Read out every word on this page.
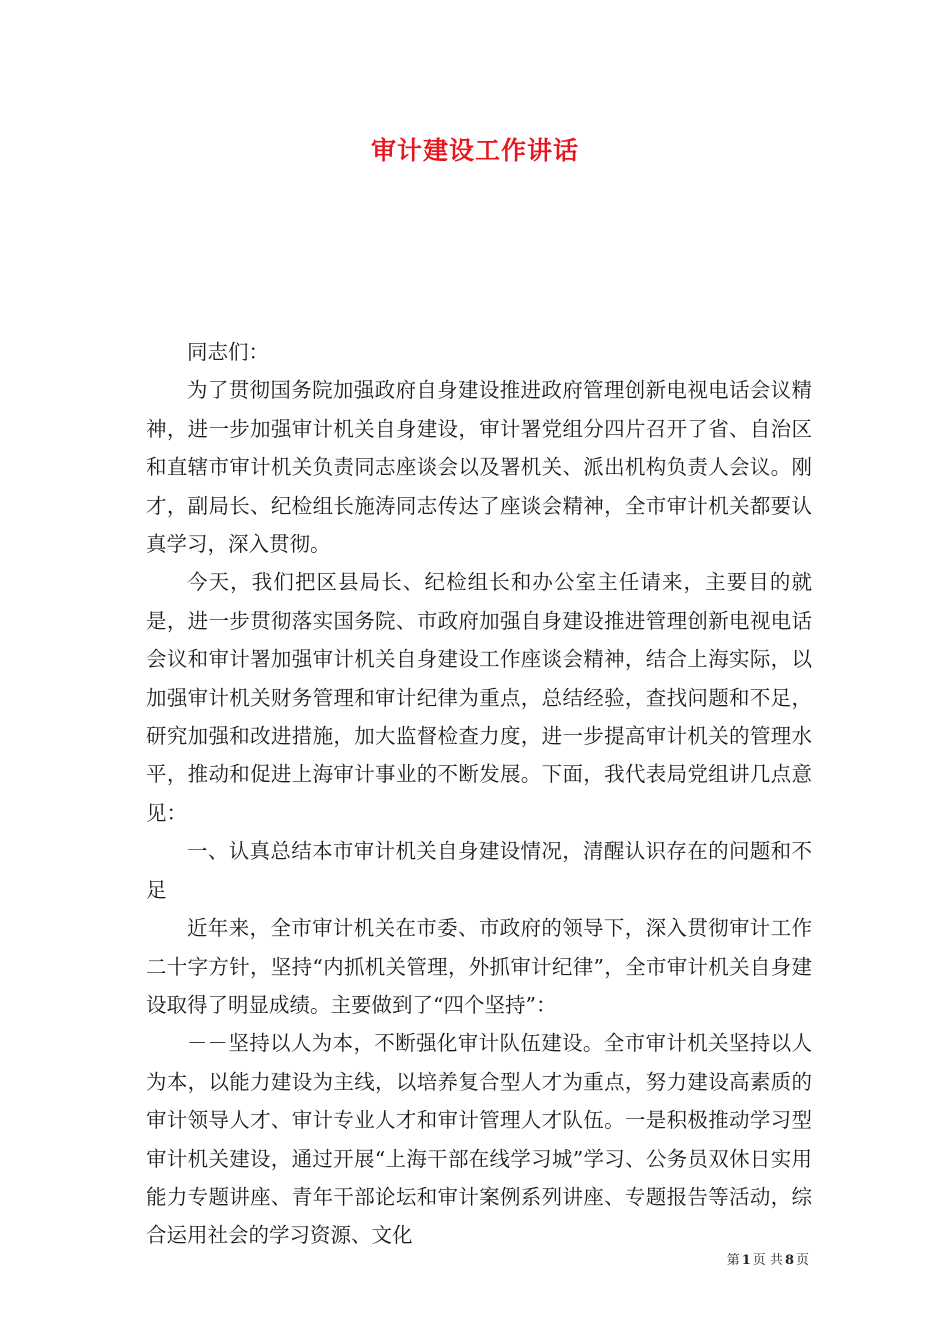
审计建设工作讲话

同志们：

为了贯彻国务院加强政府自身建设推进政府管理创新电视电话会议精神，进一步加强审计机关自身建设，审计署党组分四片召开了省、自治区和直辖市审计机关负责同志座谈会以及署机关、派出机构负责人会议。刚才，副局长、纪检组长施涛同志传达了座谈会精神，全市审计机关都要认真学习，深入贯彻。

今天，我们把区县局长、纪检组长和办公室主任请来，主要目的就是，进一步贯彻落实国务院、市政府加强自身建设推进管理创新电视电话会议和审计署加强审计机关自身建设工作座谈会精神，结合上海实际，以加强审计机关财务管理和审计纪律为重点，总结经验，查找问题和不足，研究加强和改进措施，加大监督检查力度，进一步提高审计机关的管理水平，推动和促进上海审计事业的不断发展。下面，我代表局党组讲几点意见：

一、认真总结本市审计机关自身建设情况，清醒认识存在的问题和不足

近年来，全市审计机关在市委、市政府的领导下，深入贯彻审计工作二十字方针，坚持“内抓机关管理，外抓审计纪律”，全市审计机关自身建设取得了明显成绩。主要做到了“四个坚持”：

－－坚持以人为本，不断强化审计队伍建设。全市审计机关坚持以人为本，以能力建设为主线，以培养复合型人才为重点，努力建设高素质的审计领导人才、审计专业人才和审计管理人才队伍。一是积极推动学习型审计机关建设，通过开展“上海干部在线学习城”学习、公务员双休日实用能力专题讲座、青年干部论坛和审计案例系列讲座、专题报告等活动，综合运用社会的学习资源、文化

第 1 页 共 8 页
